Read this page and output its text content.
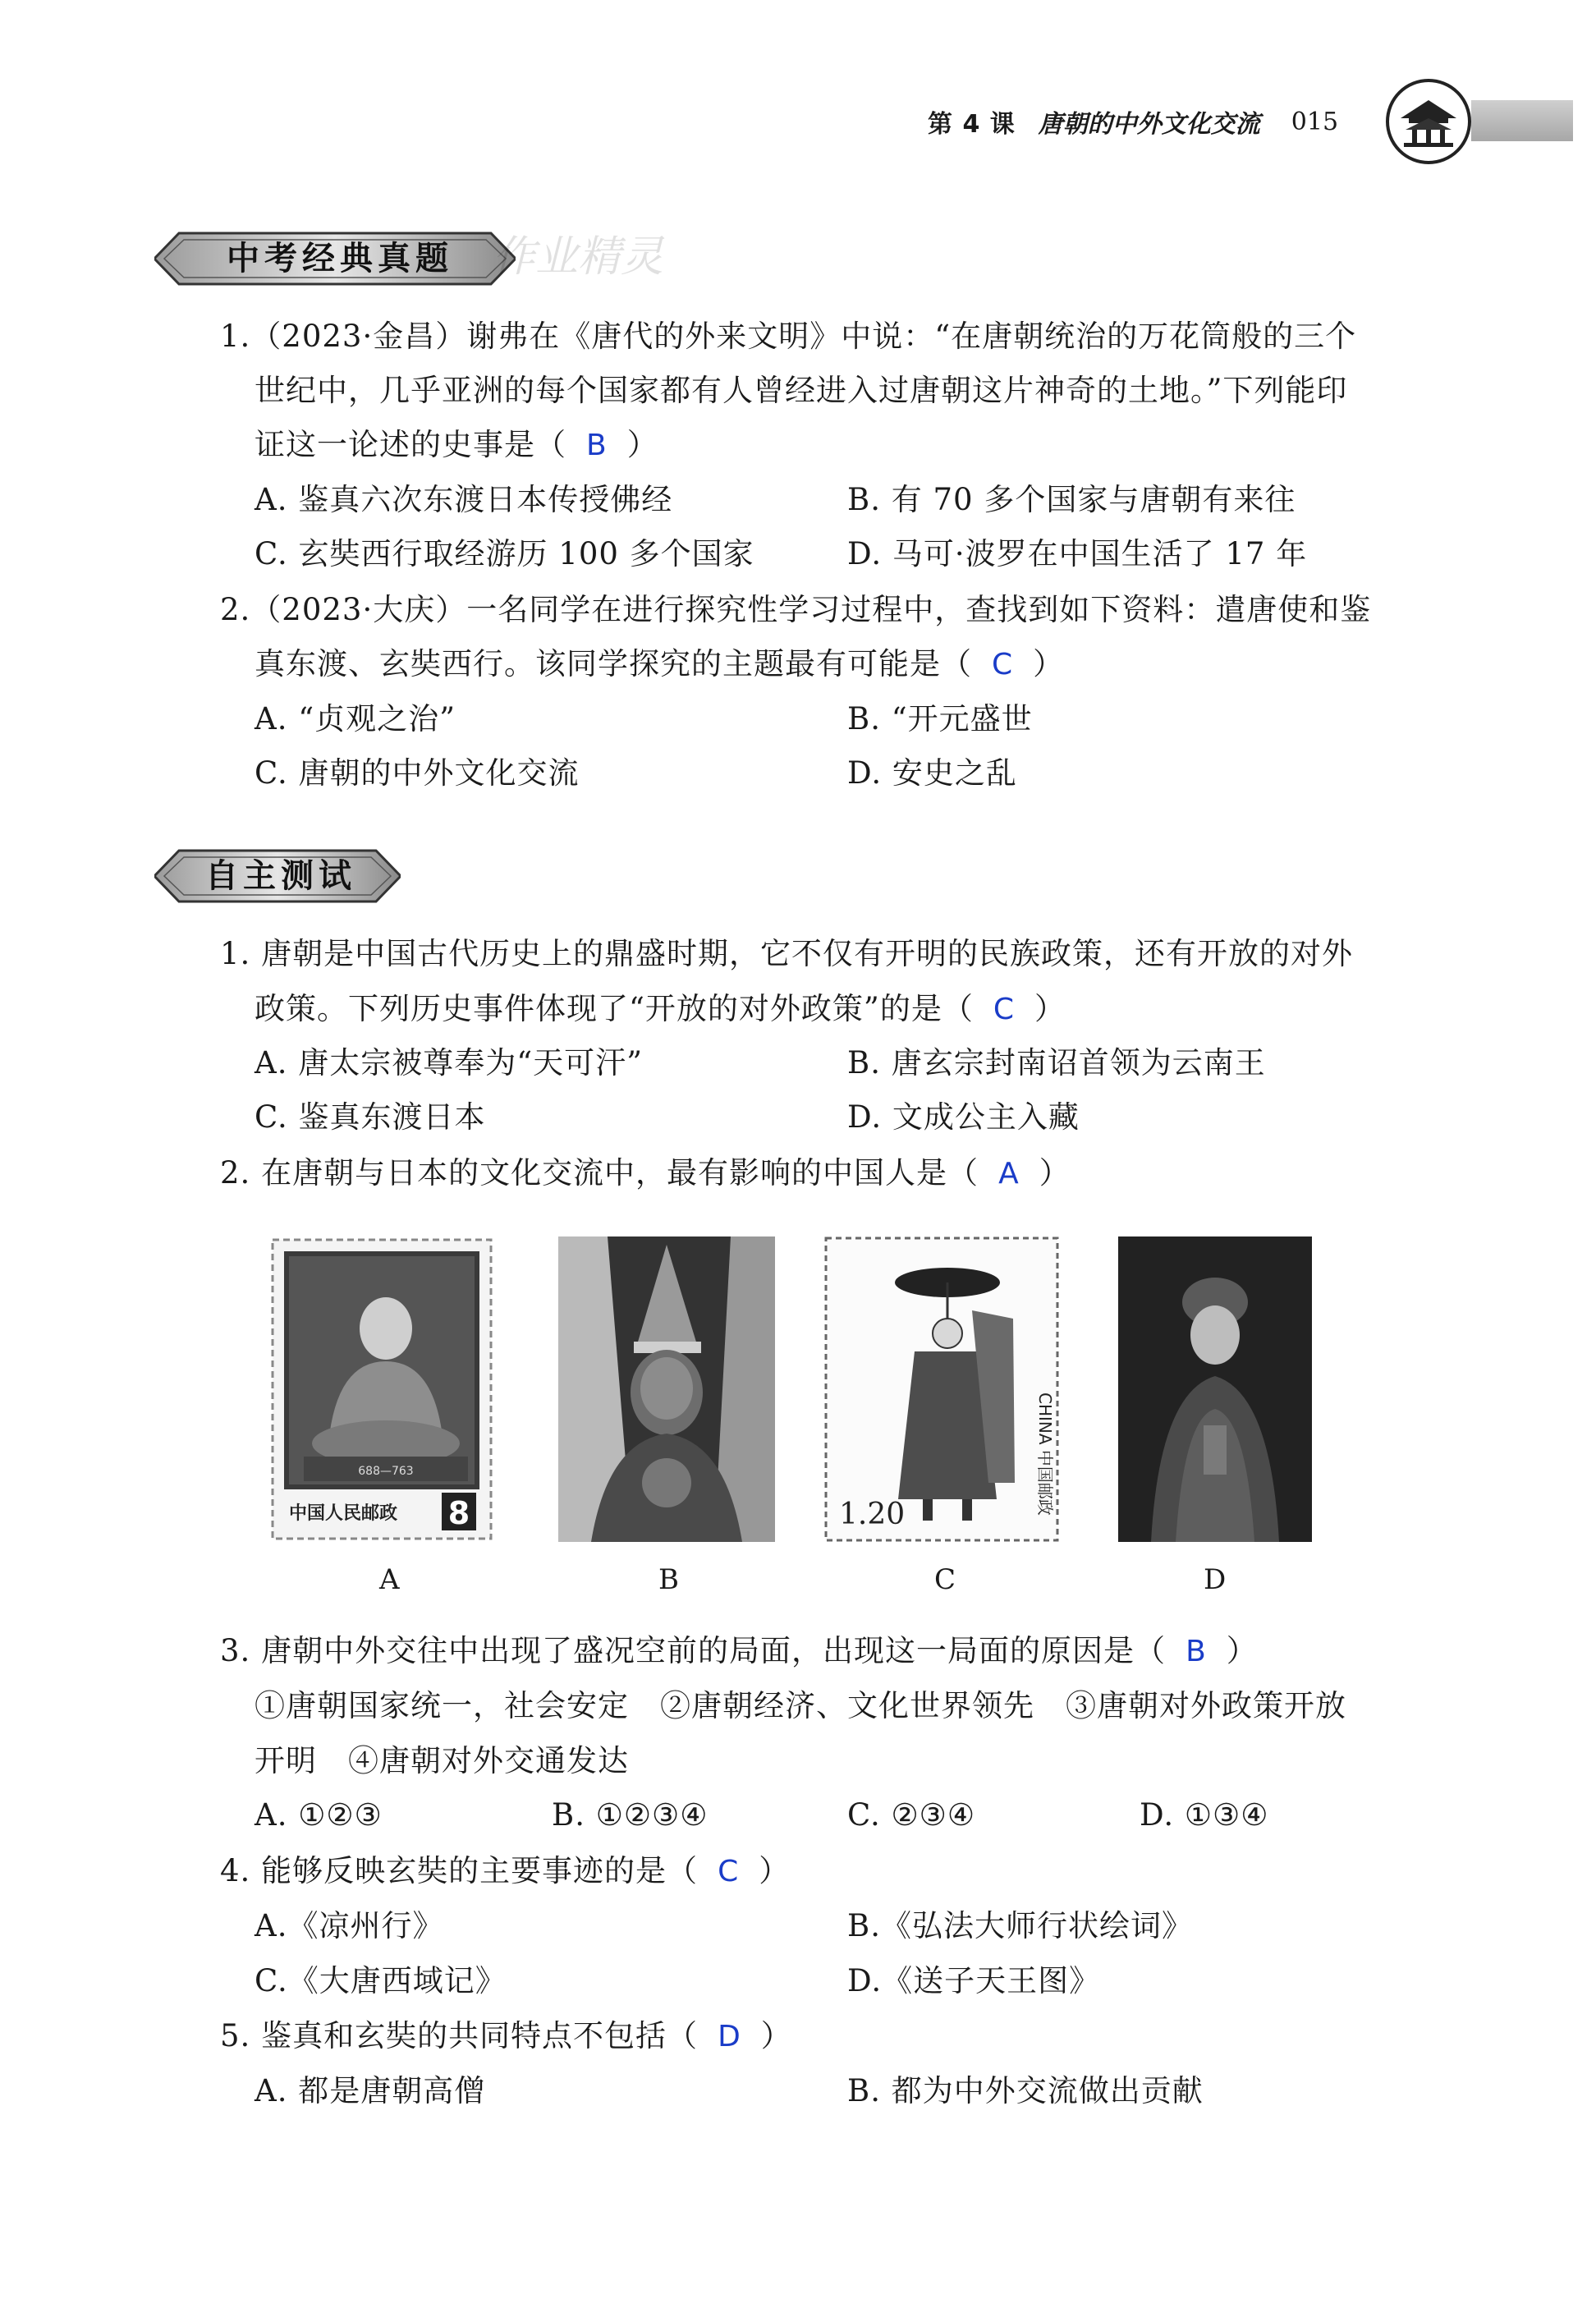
第 4 课 唐朝的中外文化交流 015
中考经典真题 作业精灵
1.（2023·金昌）谢弗在《唐代的外来文明》中说：“在唐朝统治的万花筒般的三个
世纪中，几乎亚洲的每个国家都有人曾经进入过唐朝这片神奇的土地。”下列能印
证这一论述的史事是（ B ）
A. 鉴真六次东渡日本传授佛经	B. 有 70 多个国家与唐朝有来往
C. 玄奘西行取经游历 100 多个国家	D. 马可·波罗在中国生活了 17 年
2.（2023·大庆）一名同学在进行探究性学习过程中，查找到如下资料：遣唐使和鉴
真东渡、玄奘西行。该同学探究的主题最有可能是（ C ）
A. “贞观之治”	B. “开元盛世
C. 唐朝的中外文化交流	D. 安史之乱
自主测试
1. 唐朝是中国古代历史上的鼎盛时期，它不仅有开明的民族政策，还有开放的对外
政策。下列历史事件体现了“开放的对外政策”的是（ C ）
A. 唐太宗被尊奉为“天可汗”	B. 唐玄宗封南诏首领为云南王
C. 鉴真东渡日本	D. 文成公主入藏
2. 在唐朝与日本的文化交流中，最有影响的中国人是（ A ）
688—763
中国人民邮政 8
A	B
1.20	CHINA 中国邮政
C	D
3. 唐朝中外交往中出现了盛况空前的局面，出现这一局面的原因是（ B ）
①唐朝国家统一，社会安定　②唐朝经济、文化世界领先　③唐朝对外政策开放
开明　④唐朝对外交通发达
A. ①②③	B. ①②③④	C. ②③④	D. ①③④
4. 能够反映玄奘的主要事迹的是（ C ）
A.《凉州行》	B.《弘法大师行状绘词》
C.《大唐西域记》	D.《送子天王图》
5. 鉴真和玄奘的共同特点不包括（ D ）
A. 都是唐朝高僧	B. 都为中外交流做出贡献
